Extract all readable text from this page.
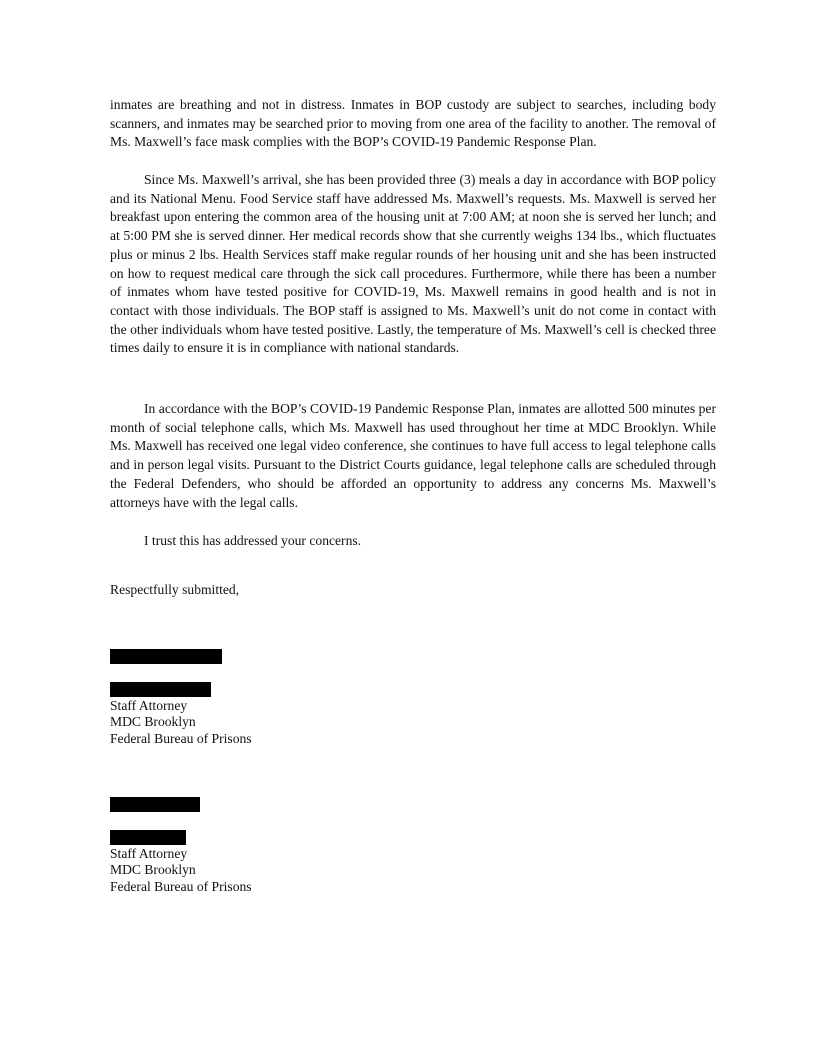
inmates are breathing and not in distress. Inmates in BOP custody are subject to searches, including body scanners, and inmates may be searched prior to moving from one area of the facility to another. The removal of Ms. Maxwell’s face mask complies with the BOP’s COVID-19 Pandemic Response Plan.

Since Ms. Maxwell’s arrival, she has been provided three (3) meals a day in accordance with BOP policy and its National Menu. Food Service staff have addressed Ms. Maxwell’s requests. Ms. Maxwell is served her breakfast upon entering the common area of the housing unit at 7:00 AM; at noon she is served her lunch; and at 5:00 PM she is served dinner. Her medical records show that she currently weighs 134 lbs., which fluctuates plus or minus 2 lbs. Health Services staff make regular rounds of her housing unit and she has been instructed on how to request medical care through the sick call procedures. Furthermore, while there has been a number of inmates whom have tested positive for COVID-19, Ms. Maxwell remains in good health and is not in contact with those individuals. The BOP staff is assigned to Ms. Maxwell’s unit do not come in contact with the other individuals whom have tested positive. Lastly, the temperature of Ms. Maxwell’s cell is checked three times daily to ensure it is in compliance with national standards.

In accordance with the BOP’s COVID-19 Pandemic Response Plan, inmates are allotted 500 minutes per month of social telephone calls, which Ms. Maxwell has used throughout her time at MDC Brooklyn. While Ms. Maxwell has received one legal video conference, she continues to have full access to legal telephone calls and in person legal visits. Pursuant to the District Courts guidance, legal telephone calls are scheduled through the Federal Defenders, who should be afforded an opportunity to address any concerns Ms. Maxwell’s attorneys have with the legal calls.

I trust this has addressed your concerns.

Respectfully submitted,

Staff Attorney

MDC Brooklyn

Federal Bureau of Prisons

Staff Attorney

MDC Brooklyn

Federal Bureau of Prisons
